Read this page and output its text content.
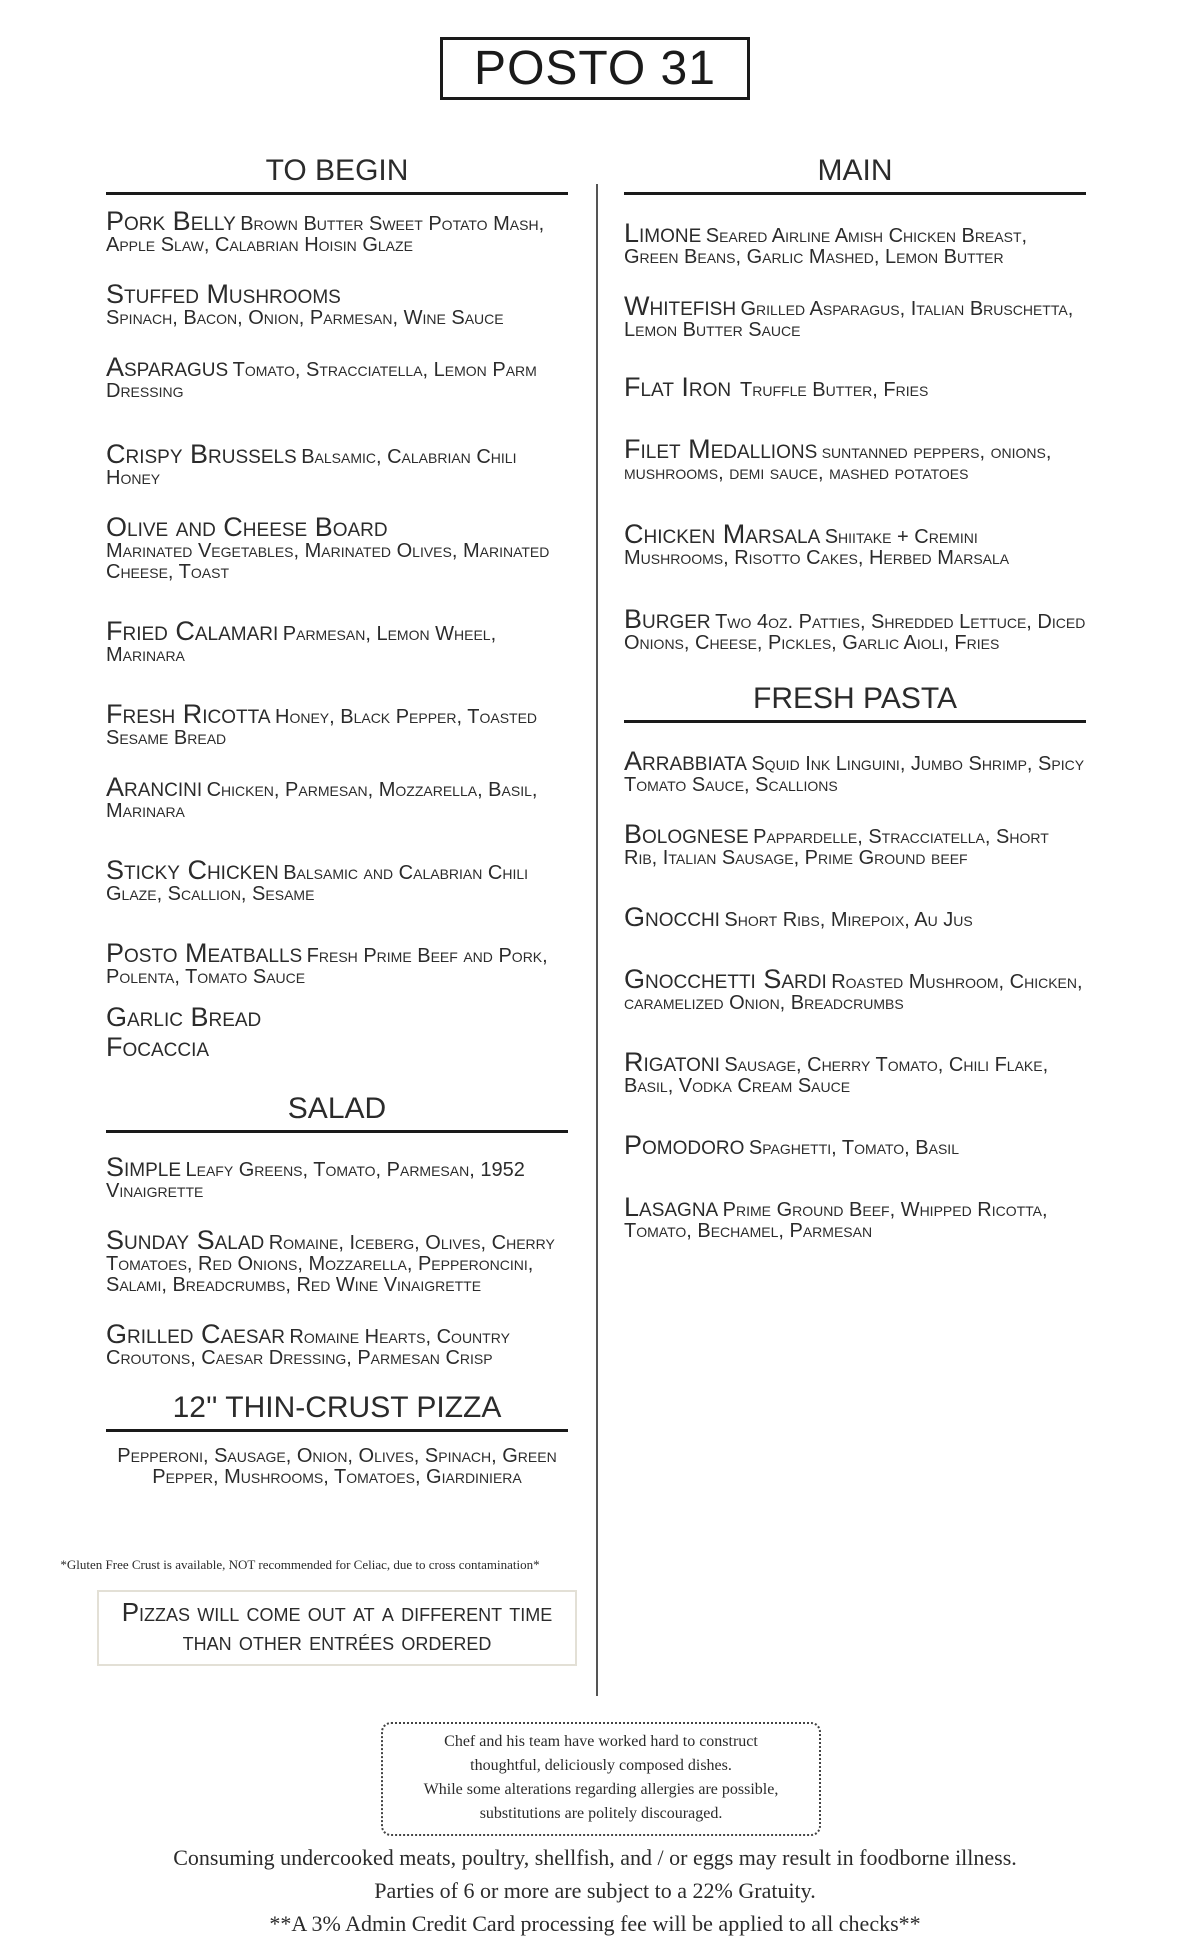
POSTO 31
TO BEGIN
Pork Belly Brown Butter Sweet Potato Mash, Apple Slaw, Calabrian Hoisin Glaze
Stuffed Mushrooms
Spinach, Bacon, Onion, Parmesan, Wine Sauce
Asparagus Tomato, Stracciatella, Lemon Parm Dressing
Crispy Brussels Balsamic, Calabrian Chili Honey
Olive and Cheese Board
Marinated Vegetables, Marinated Olives, Marinated Cheese, Toast
Fried Calamari Parmesan, Lemon Wheel, Marinara
Fresh Ricotta Honey, Black Pepper, Toasted Sesame Bread
Arancini Chicken, Parmesan, Mozzarella, Basil, Marinara
Sticky Chicken Balsamic and Calabrian Chili Glaze, Scallion, Sesame
Posto Meatballs Fresh Prime Beef and Pork, Polenta, Tomato Sauce
Garlic Bread
Focaccia
SALAD
Simple Leafy Greens, Tomato, Parmesan, 1952 Vinaigrette
Sunday Salad Romaine, Iceberg, Olives, Cherry Tomatoes, Red Onions, Mozzarella, Pepperoncini, Salami, Breadcrumbs, Red Wine Vinaigrette
Grilled Caesar Romaine Hearts, Country Croutons, Caesar Dressing, Parmesan Crisp
12'' THIN-CRUST PIZZA
Pepperoni, Sausage, Onion, Olives, Spinach, Green Pepper, Mushrooms, Tomatoes, Giardiniera
*Gluten Free Crust is available, NOT recommended for Celiac, due to cross contamination*
Pizzas will come out at a different time than other entrées ordered
MAIN
Limone Seared Airline Amish Chicken Breast, Green Beans, Garlic Mashed, Lemon Butter
Whitefish Grilled Asparagus, Italian Bruschetta, Lemon Butter Sauce
Flat Iron Truffle Butter, Fries
Filet Medallions suntanned peppers, onions, mushrooms, demi sauce, mashed potatoes
Chicken Marsala Shiitake + Cremini Mushrooms, Risotto Cakes, Herbed Marsala
Burger Two 4oz. Patties, Shredded Lettuce, Diced Onions, Cheese, Pickles, Garlic Aioli, Fries
FRESH PASTA
Arrabbiata Squid Ink Linguini, Jumbo Shrimp, Spicy Tomato Sauce, Scallions
Bolognese Pappardelle, Stracciatella, Short Rib, Italian Sausage, Prime Ground beef
Gnocchi Short Ribs, Mirepoix, Au Jus
Gnocchetti Sardi Roasted Mushroom, Chicken, caramelized Onion, Breadcrumbs
Rigatoni Sausage, Cherry Tomato, Chili Flake, Basil, Vodka Cream Sauce
Pomodoro Spaghetti, Tomato, Basil
Lasagna Prime Ground Beef, Whipped Ricotta, Tomato, Bechamel, Parmesan
Chef and his team have worked hard to construct
thoughtful, deliciously composed dishes.
While some alterations regarding allergies are possible,
substitutions are politely discouraged.
Consuming undercooked meats, poultry, shellfish, and / or eggs may result in foodborne illness.
Parties of 6 or more are subject to a 22% Gratuity.
**A 3% Admin Credit Card processing fee will be applied to all checks**
